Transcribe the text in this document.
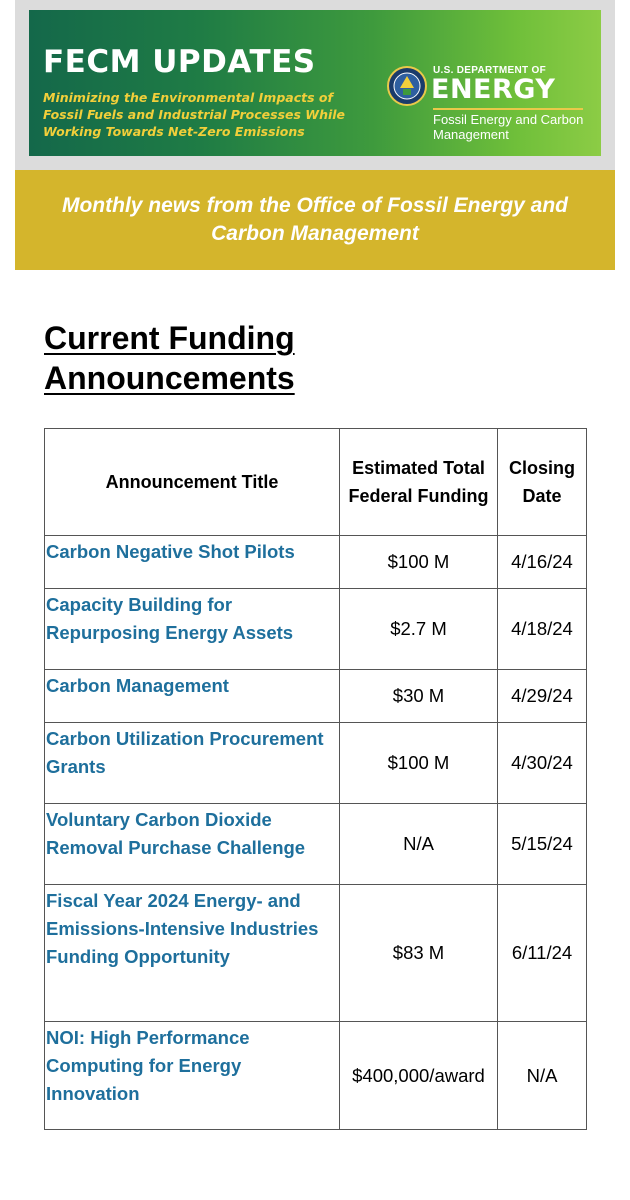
FECM UPDATES
Minimizing the Environmental Impacts of Fossil Fuels and Industrial Processes While Working Towards Net-Zero Emissions
U.S. DEPARTMENT OF
ENERGY
Fossil Energy and Carbon Management
Monthly news from the Office of Fossil Energy and Carbon Management
Current Funding Announcements
Announcement Title	Estimated Total Federal Funding	Closing Date
Carbon Negative Shot Pilots	$100 M	4/16/24
Capacity Building for Repurposing Energy Assets	$2.7 M	4/18/24
Carbon Management	$30 M	4/29/24
Carbon Utilization Procurement Grants	$100 M	4/30/24
Voluntary Carbon Dioxide Removal Purchase Challenge	N/A	5/15/24
Fiscal Year 2024 Energy- and Emissions-Intensive Industries Funding Opportunity	$83 M	6/11/24
NOI: High Performance Computing for Energy Innovation	$400,000/award	N/A
